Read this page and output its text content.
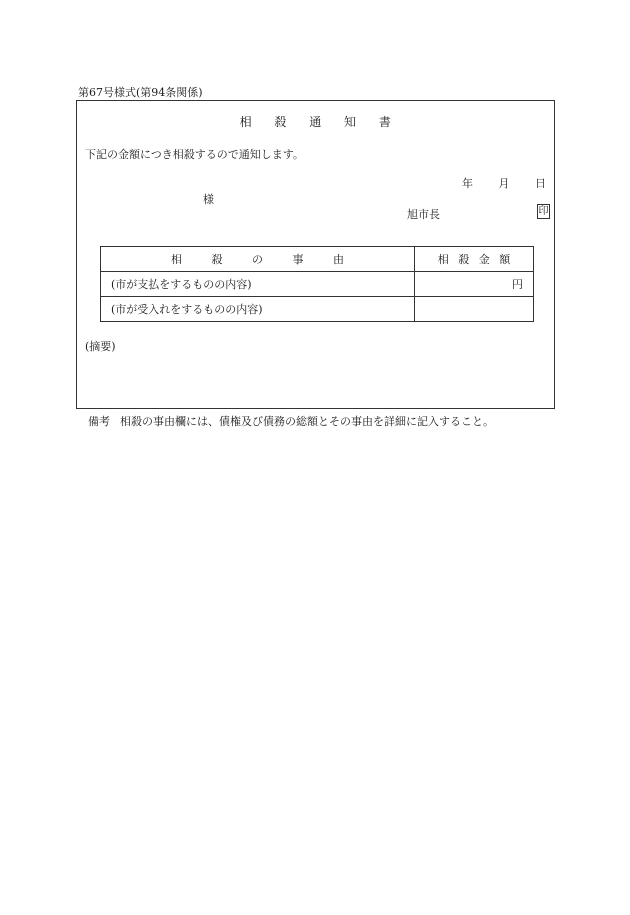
第67号様式(第94条関係)
相 殺 通 知 書
下記の金額につき相殺するので通知します。
年 月 日
様
旭市長	印
相 殺 の 事 由	相 殺 金 額
(市が支払をするものの内容)	円
(市が受入れをするものの内容)	
(摘要)
備考 相殺の事由欄には、債権及び債務の総額とその事由を詳細に記入すること。
